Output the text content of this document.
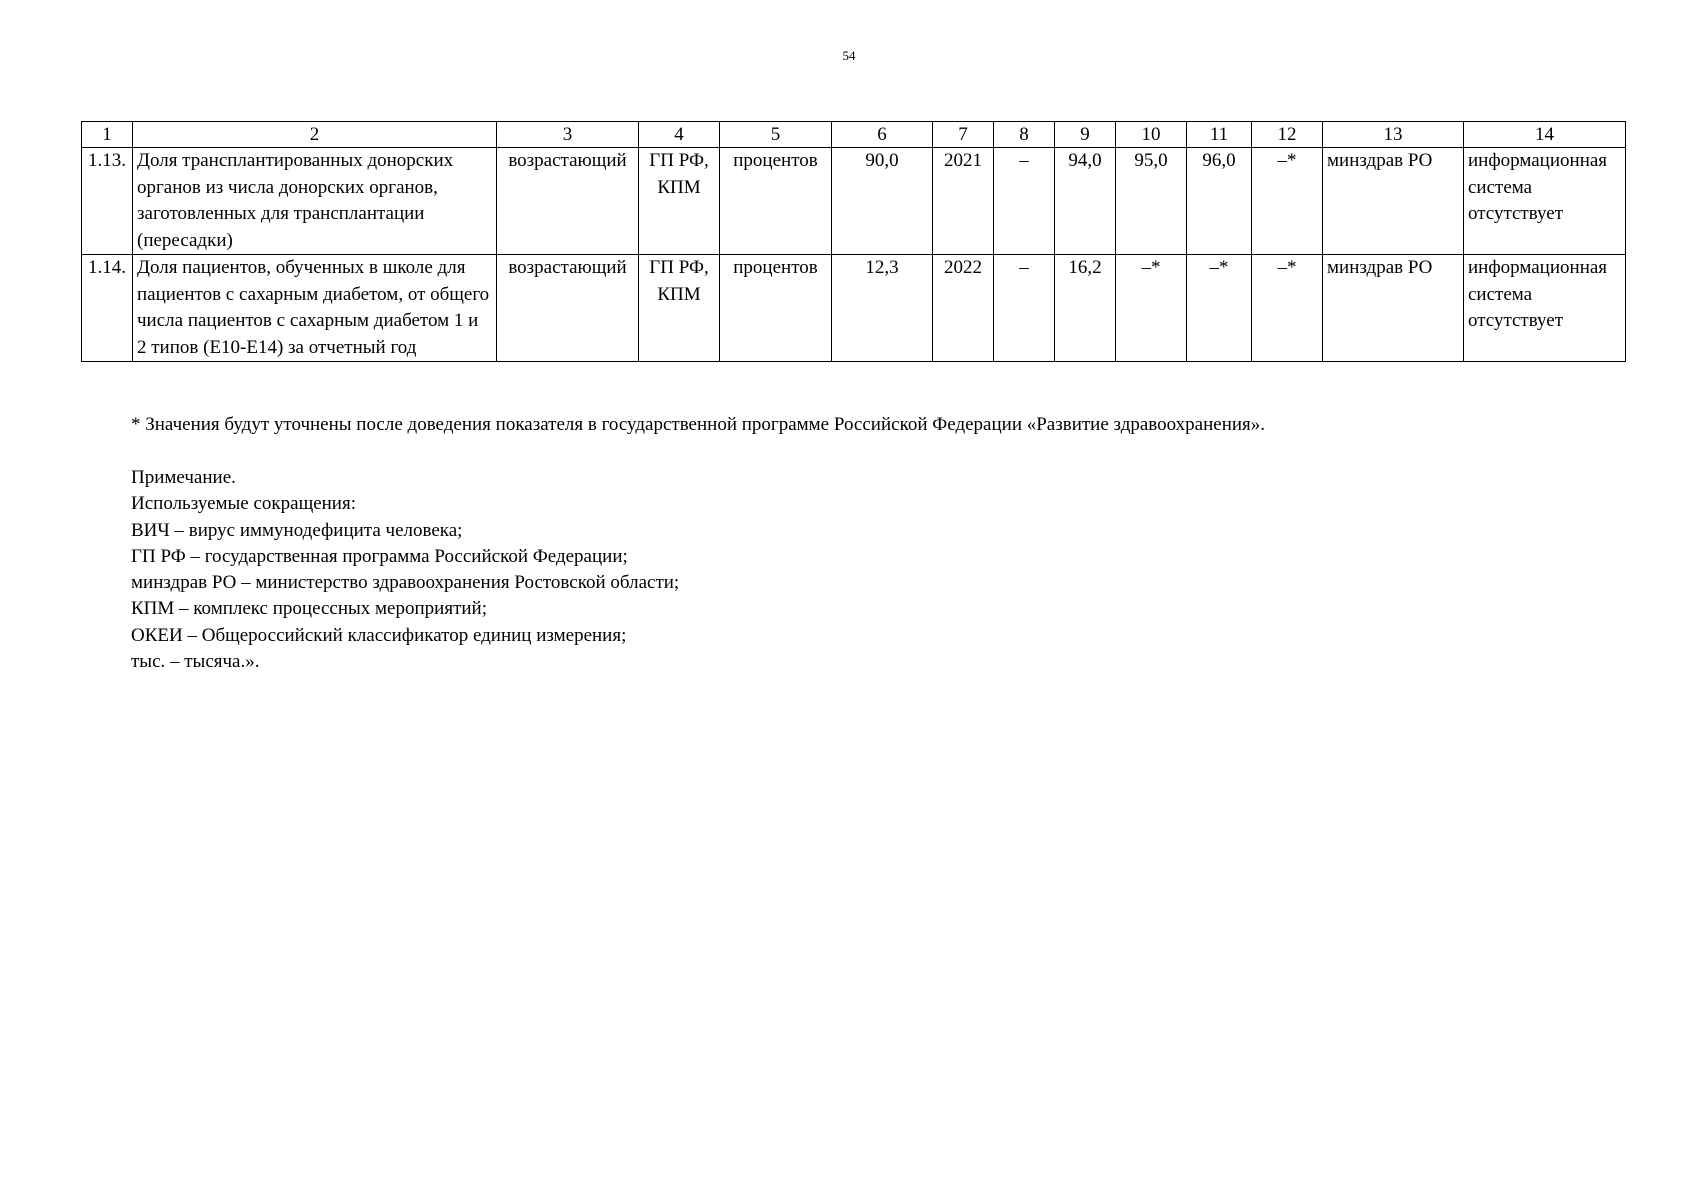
54
1	2	3	4	5	6	7	8	9	10	11	12	13	14
1.13.	Доля трансплантированных донорских органов из числа донорских органов, заготовленных для трансплантации (пересадки)	возрастающий	ГП РФ, КПМ	процентов	90,0	2021	–	94,0	95,0	96,0	–*	минздрав РО	информационная система отсутствует
1.14.	Доля пациентов, обученных в школе для пациентов с сахарным диабетом, от общего числа пациентов с сахарным диабетом 1 и 2 типов (Е10-Е14) за отчетный год	возрастающий	ГП РФ, КПМ	процентов	12,3	2022	–	16,2	–*	–*	–*	минздрав РО	информационная система отсутствует
* Значения будут уточнены после доведения показателя в государственной программе Российской Федерации «Развитие здравоохранения».
Примечание.
Используемые сокращения:
ВИЧ – вирус иммунодефицита человека;
ГП РФ – государственная программа Российской Федерации;
минздрав РО – министерство здравоохранения Ростовской области;
КПМ – комплекс процессных мероприятий;
ОКЕИ – Общероссийский классификатор единиц измерения;
тыс. – тысяча.».
